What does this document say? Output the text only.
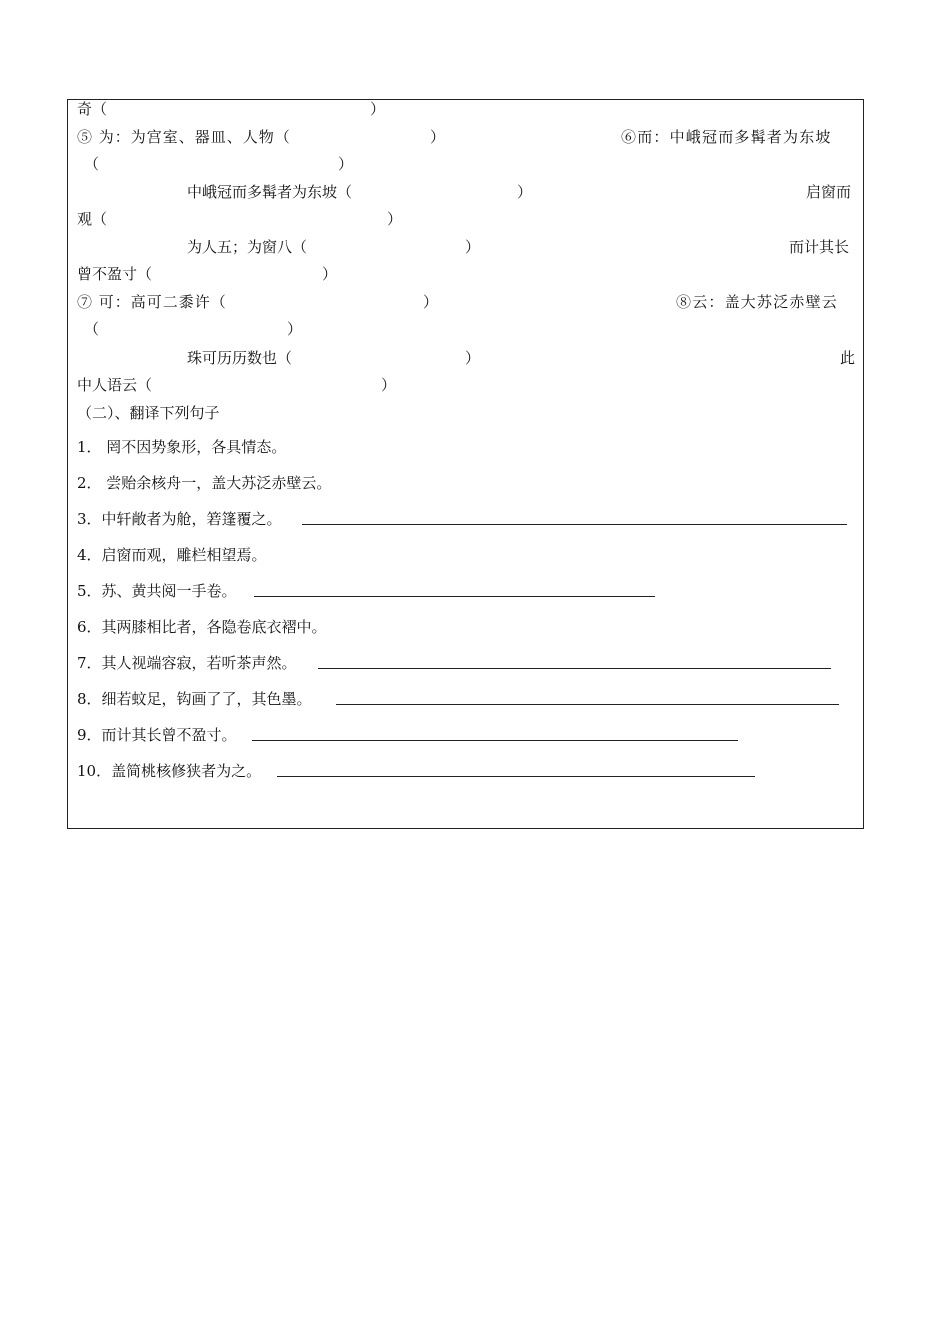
奇（	）
⑤ 为：为宫室、器皿、人物（	）	⑥而：中峨冠而多髯者为东坡
（	）
中峨冠而多髯者为东坡（	）	启窗而
观（	）
为人五；为窗八（	）	而计其长
曾不盈寸（	）
⑦ 可：高可二黍许（	）	⑧云：盖大苏泛赤壁云
（	）
珠可历历数也（	）	此
中人语云（	）
（二）、翻译下列句子
1． 罔不因势象形，各具情态。
2． 尝贻余核舟一，盖大苏泛赤壁云。
3．中轩敞者为舱，箬篷覆之。
4．启窗而观，雕栏相望焉。
5．苏、黄共阅一手卷。
6．其两膝相比者，各隐卷底衣褶中。
7．其人视端容寂，若听茶声然。
8．细若蚊足，钩画了了，其色墨。
9．而计其长曾不盈寸。
10．盖简桃核修狭者为之。
